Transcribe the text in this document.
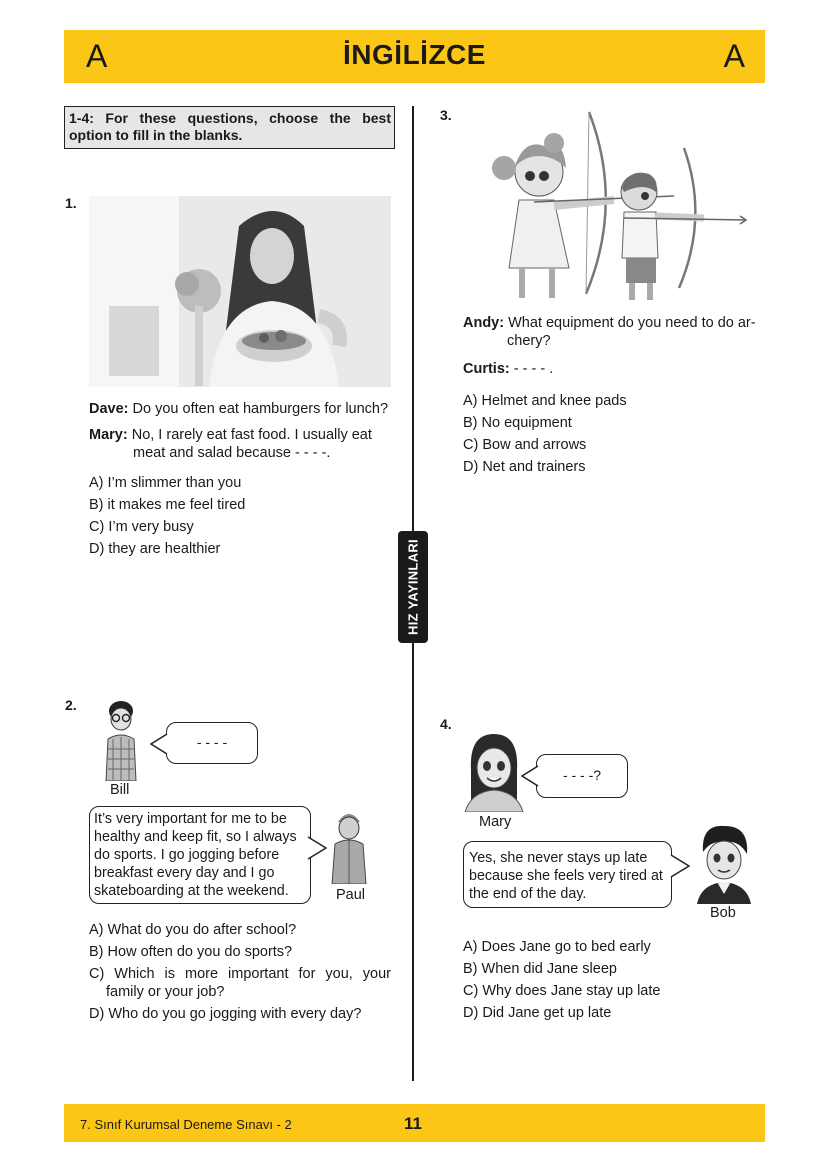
A	İNGİLİZCE	A
HIZ YAYINLARI
1-4: For these questions, choose the best option to fill in the blanks.
1.
Dave: Do you often eat hamburgers for lunch?
Mary: No, I rarely eat fast food. I usually eat
meat and salad because - - - -.
A) I’m slimmer than you
B) it makes me feel tired
C) I’m very busy
D) they are healthier
2.
Bill
- - - -
It’s very important for me to be
healthy and keep fit, so I always
do sports. I go jogging before
breakfast every day and I go
skateboarding at the weekend.	Paul
A) What do you do after school?
B) How often do you do sports?
C) Which is more important for you, your
family or your job?
D) Who do you go jogging with every day?
3.
Andy: What equipment do you need to do ar-
chery?
Curtis: - - - - .
A) Helmet and knee pads
B) No equipment
C) Bow and arrows
D) Net and trainers
4.
Mary
- - - -?
Yes, she never stays up late
because she feels very tired at
the end of the day.
Bob
A) Does Jane go to bed early
B) When did Jane sleep
C) Why does Jane stay up late
D) Did Jane get up late
7. Sınıf Kurumsal Deneme Sınavı - 2	11
